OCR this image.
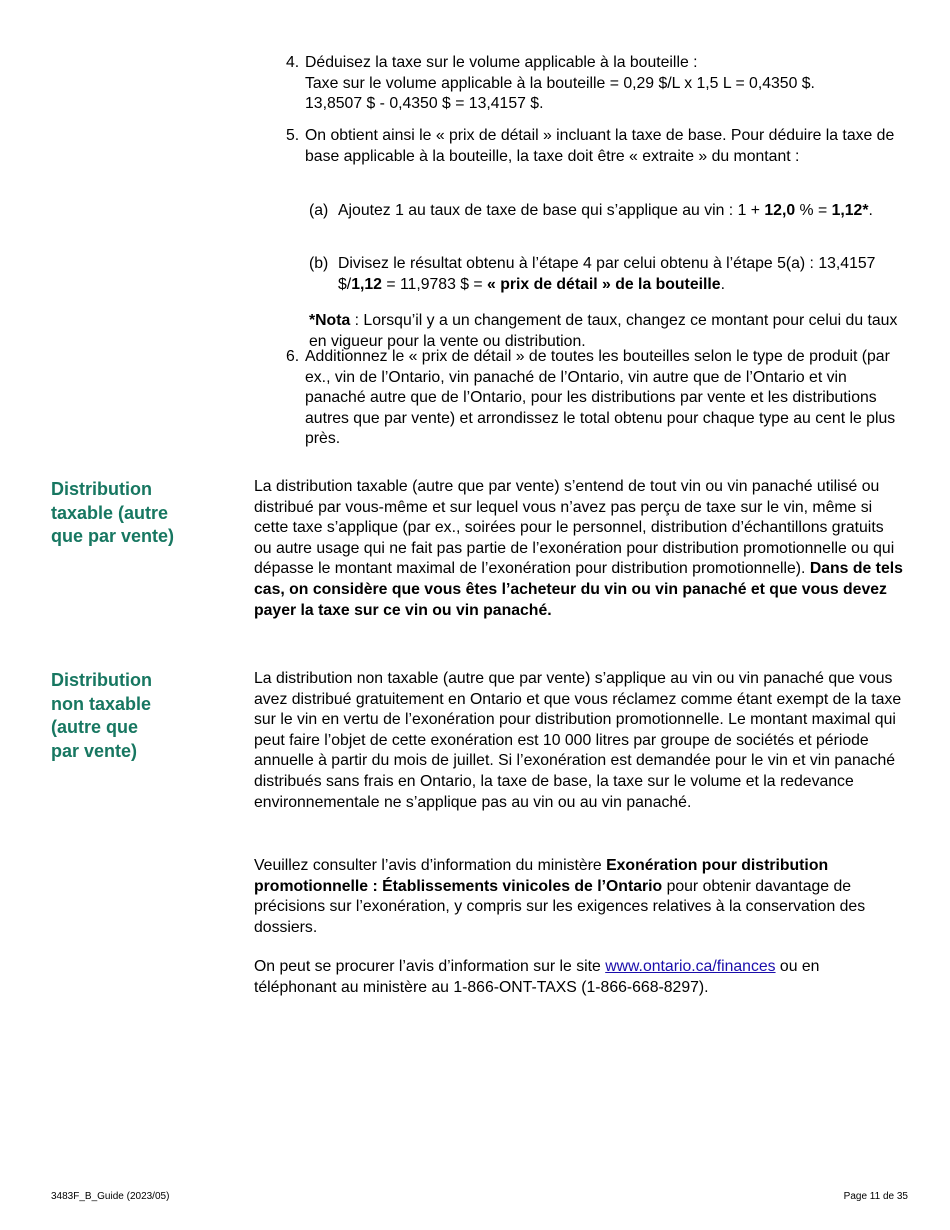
4. Déduisez la taxe sur le volume applicable à la bouteille :
Taxe sur le volume applicable à la bouteille = 0,29 $/L x 1,5 L = 0,4350 $.
13,8507 $ - 0,4350 $ = 13,4157 $.
5. On obtient ainsi le « prix de détail » incluant la taxe de base. Pour déduire la taxe de base applicable à la bouteille, la taxe doit être « extraite » du montant :
(a) Ajoutez 1 au taux de taxe de base qui s’applique au vin : 1 + 12,0 % = 1,12*.
(b) Divisez le résultat obtenu à l’étape 4 par celui obtenu à l’étape 5(a) : 13,4157 $/1,12 = 11,9783 $ = « prix de détail » de la bouteille.
*Nota : Lorsqu’il y a un changement de taux, changez ce montant pour celui du taux en vigueur pour la vente ou distribution.
6. Additionnez le « prix de détail » de toutes les bouteilles selon le type de produit (par ex., vin de l’Ontario, vin panaché de l’Ontario, vin autre que de l’Ontario et vin panaché autre que de l’Ontario, pour les distributions par vente et les distributions autres que par vente) et arrondissez le total obtenu pour chaque type au cent le plus près.
Distribution
taxable (autre
que par vente)
La distribution taxable (autre que par vente) s’entend de tout vin ou vin panaché utilisé ou distribué par vous-même et sur lequel vous n’avez pas perçu de taxe sur le vin, même si cette taxe s’applique (par ex., soirées pour le personnel, distribution d’échantillons gratuits ou autre usage qui ne fait pas partie de l’exonération pour distribution promotionnelle ou qui dépasse le montant maximal de l’exonération pour distribution promotionnelle). Dans de tels cas, on considère que vous êtes l’acheteur du vin ou vin panaché et que vous devez payer la taxe sur ce vin ou vin panaché.
Distribution
non taxable
(autre que
par vente)
La distribution non taxable (autre que par vente) s’applique au vin ou vin panaché que vous avez distribué gratuitement en Ontario et que vous réclamez comme étant exempt de la taxe sur le vin en vertu de l’exonération pour distribution promotionnelle. Le montant maximal qui peut faire l’objet de cette exonération est 10 000 litres par groupe de sociétés et période annuelle à partir du mois de juillet. Si l’exonération est demandée pour le vin et vin panaché distribués sans frais en Ontario, la taxe de base, la taxe sur le volume et la redevance environnementale ne s’applique pas au vin ou au vin panaché.
Veuillez consulter l’avis d’information du ministère Exonération pour distribution promotionnelle : Établissements vinicoles de l’Ontario pour obtenir davantage de précisions sur l’exonération, y compris sur les exigences relatives à la conservation des dossiers.
On peut se procurer l’avis d’information sur le site www.ontario.ca/finances ou en téléphonant au ministère au 1-866-ONT-TAXS (1-866-668-8297).
3483F_B_Guide (2023/05)	Page 11 de 35
